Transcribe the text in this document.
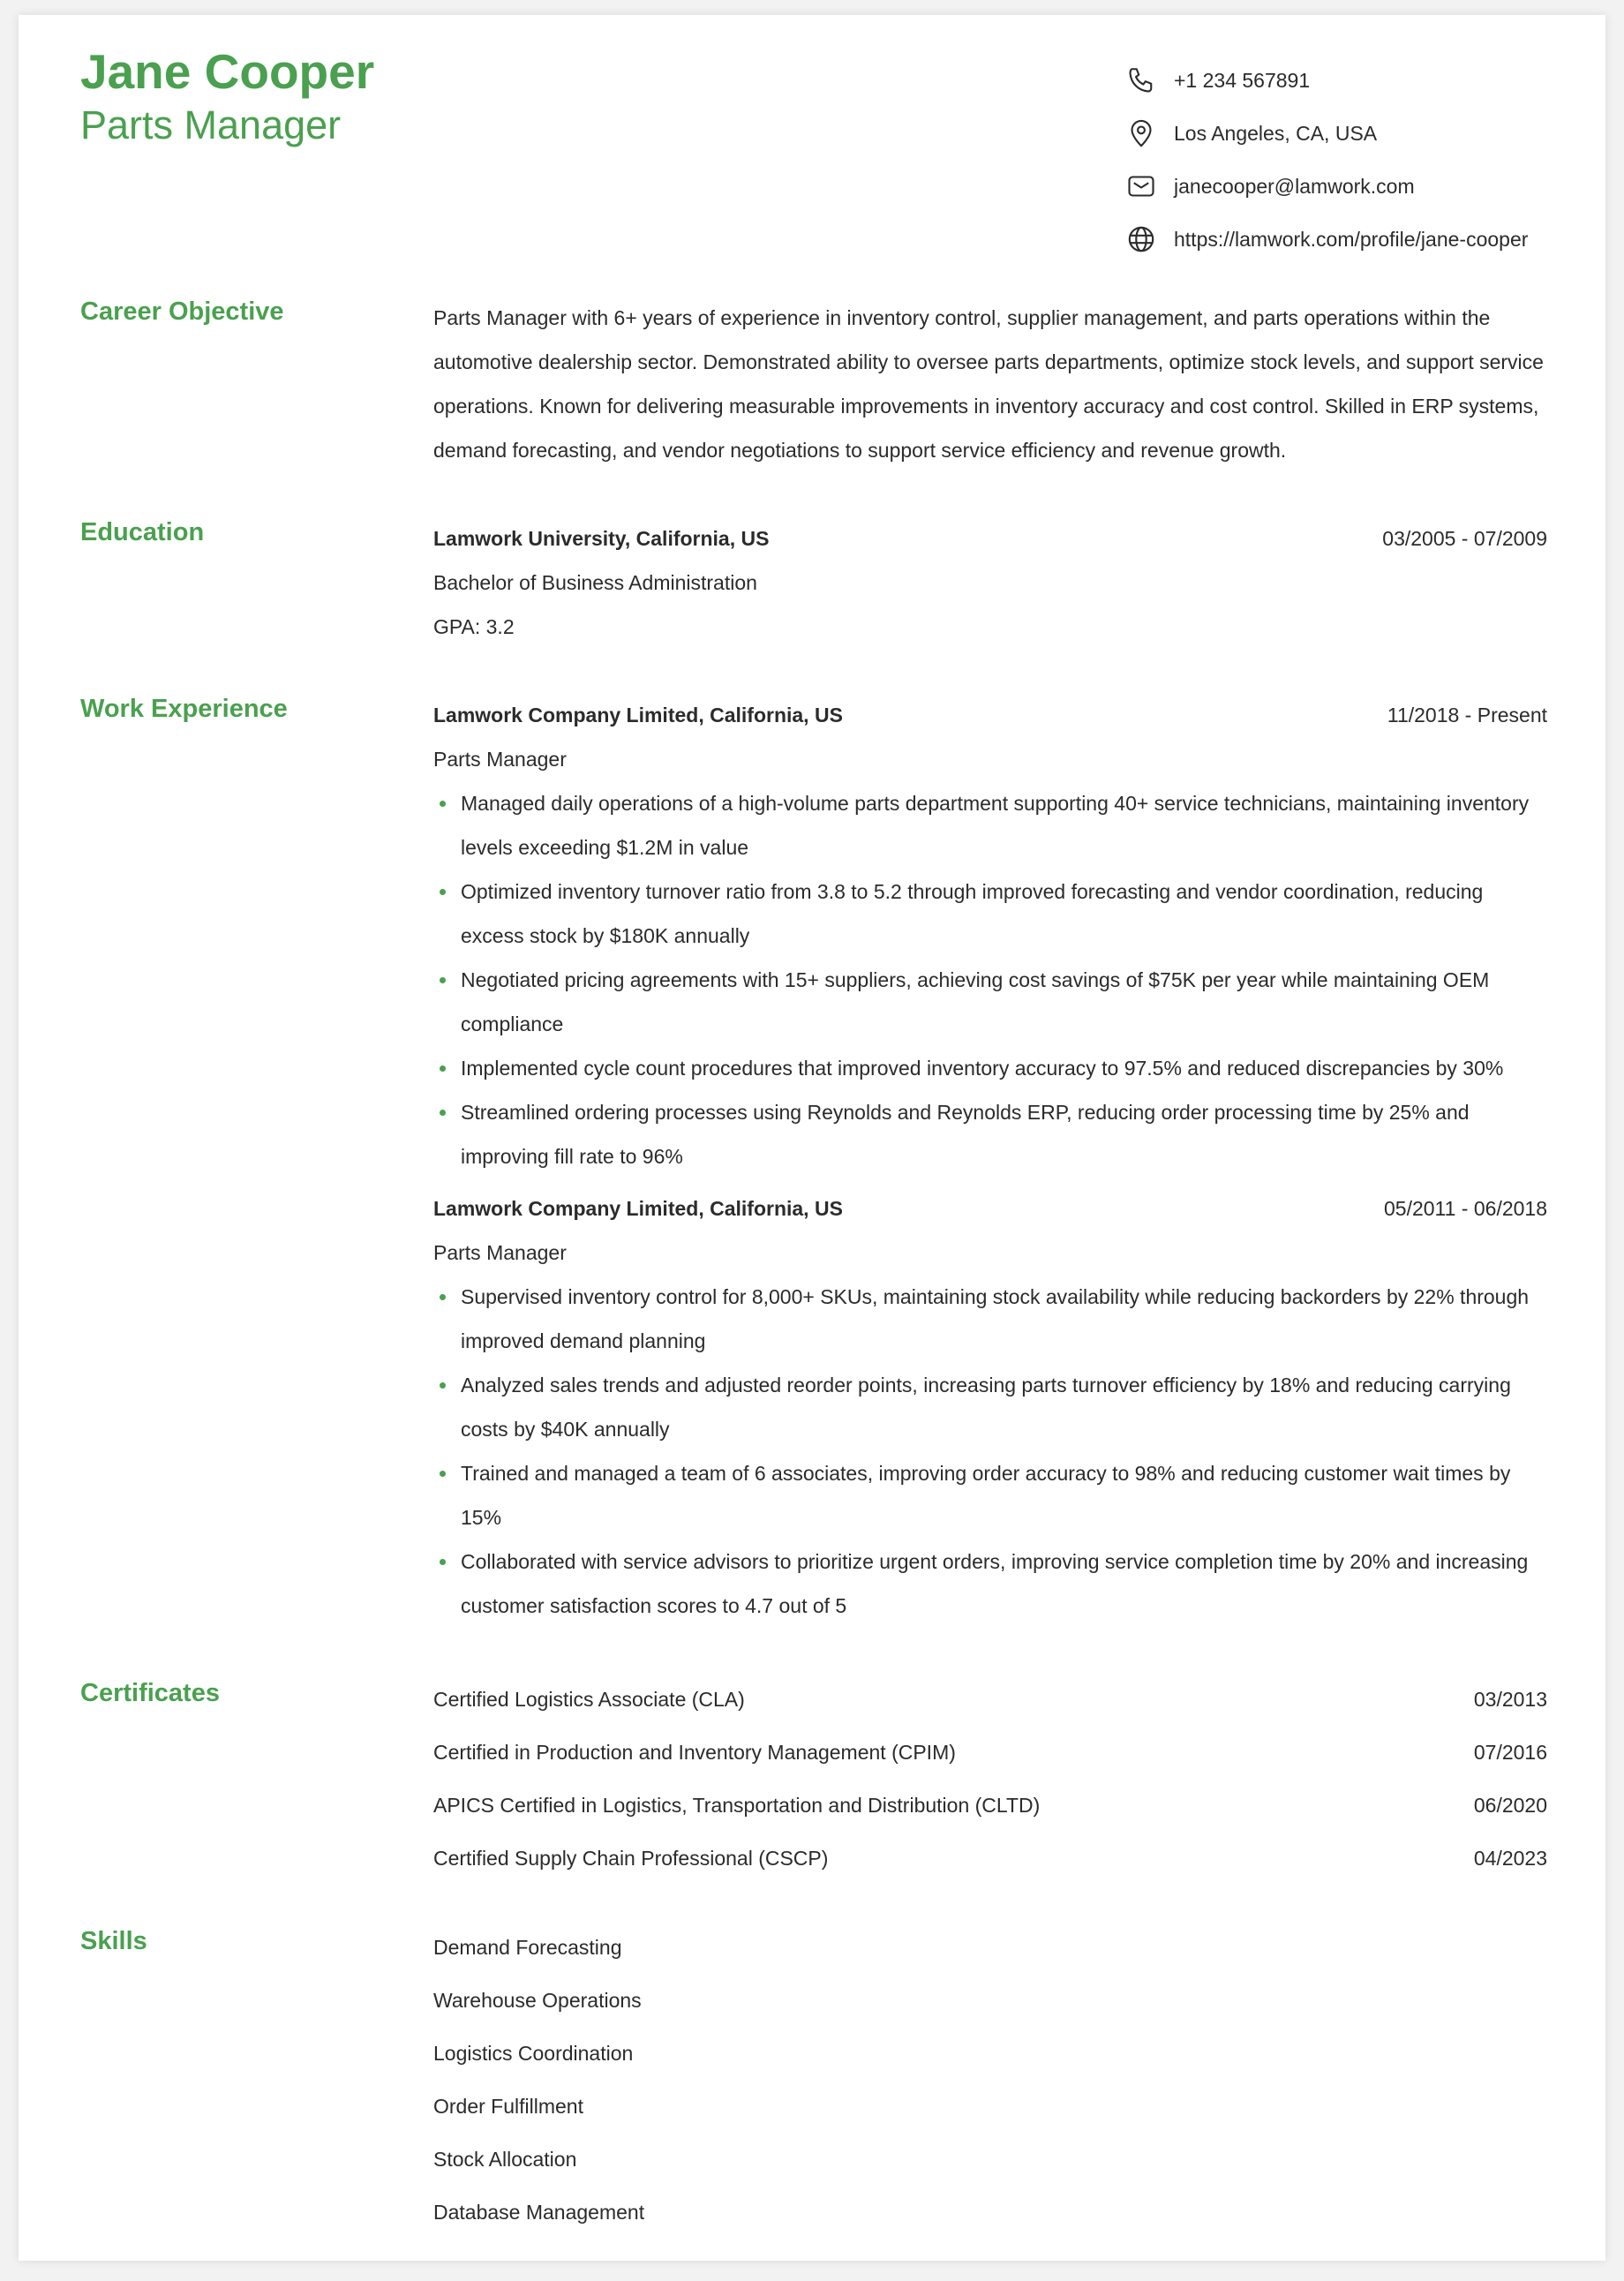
Jane Cooper
Parts Manager
+1 234 567891
Los Angeles, CA, USA
janecooper@lamwork.com
https://lamwork.com/profile/jane-cooper
Career Objective	Parts Manager with 6+ years of experience in inventory control, supplier management, and parts operations within the automotive dealership sector. Demonstrated ability to oversee parts departments, optimize stock levels, and support service operations. Known for delivering measurable improvements in inventory accuracy and cost control. Skilled in ERP systems, demand forecasting, and vendor negotiations to support service efficiency and revenue growth.
Education	Lamwork University, California, US	03/2005 - 07/2009
Bachelor of Business Administration
GPA: 3.2
Work Experience	Lamwork Company Limited, California, US	11/2018 - Present
Parts Manager
Managed daily operations of a high-volume parts department supporting 40+ service technicians, maintaining inventory levels exceeding $1.2M in value
Optimized inventory turnover ratio from 3.8 to 5.2 through improved forecasting and vendor coordination, reducing excess stock by $180K annually
Negotiated pricing agreements with 15+ suppliers, achieving cost savings of $75K per year while maintaining OEM compliance
Implemented cycle count procedures that improved inventory accuracy to 97.5% and reduced discrepancies by 30%
Streamlined ordering processes using Reynolds and Reynolds ERP, reducing order processing time by 25% and improving fill rate to 96%
Lamwork Company Limited, California, US	05/2011 - 06/2018
Parts Manager
Supervised inventory control for 8,000+ SKUs, maintaining stock availability while reducing backorders by 22% through improved demand planning
Analyzed sales trends and adjusted reorder points, increasing parts turnover efficiency by 18% and reducing carrying costs by $40K annually
Trained and managed a team of 6 associates, improving order accuracy to 98% and reducing customer wait times by 15%
Collaborated with service advisors to prioritize urgent orders, improving service completion time by 20% and increasing customer satisfaction scores to 4.7 out of 5
Certificates	Certified Logistics Associate (CLA)	03/2013
Certified in Production and Inventory Management (CPIM)	07/2016
APICS Certified in Logistics, Transportation and Distribution (CLTD)	06/2020
Certified Supply Chain Professional (CSCP)	04/2023
Skills	Demand Forecasting
Warehouse Operations
Logistics Coordination
Order Fulfillment
Stock Allocation
Database Management
